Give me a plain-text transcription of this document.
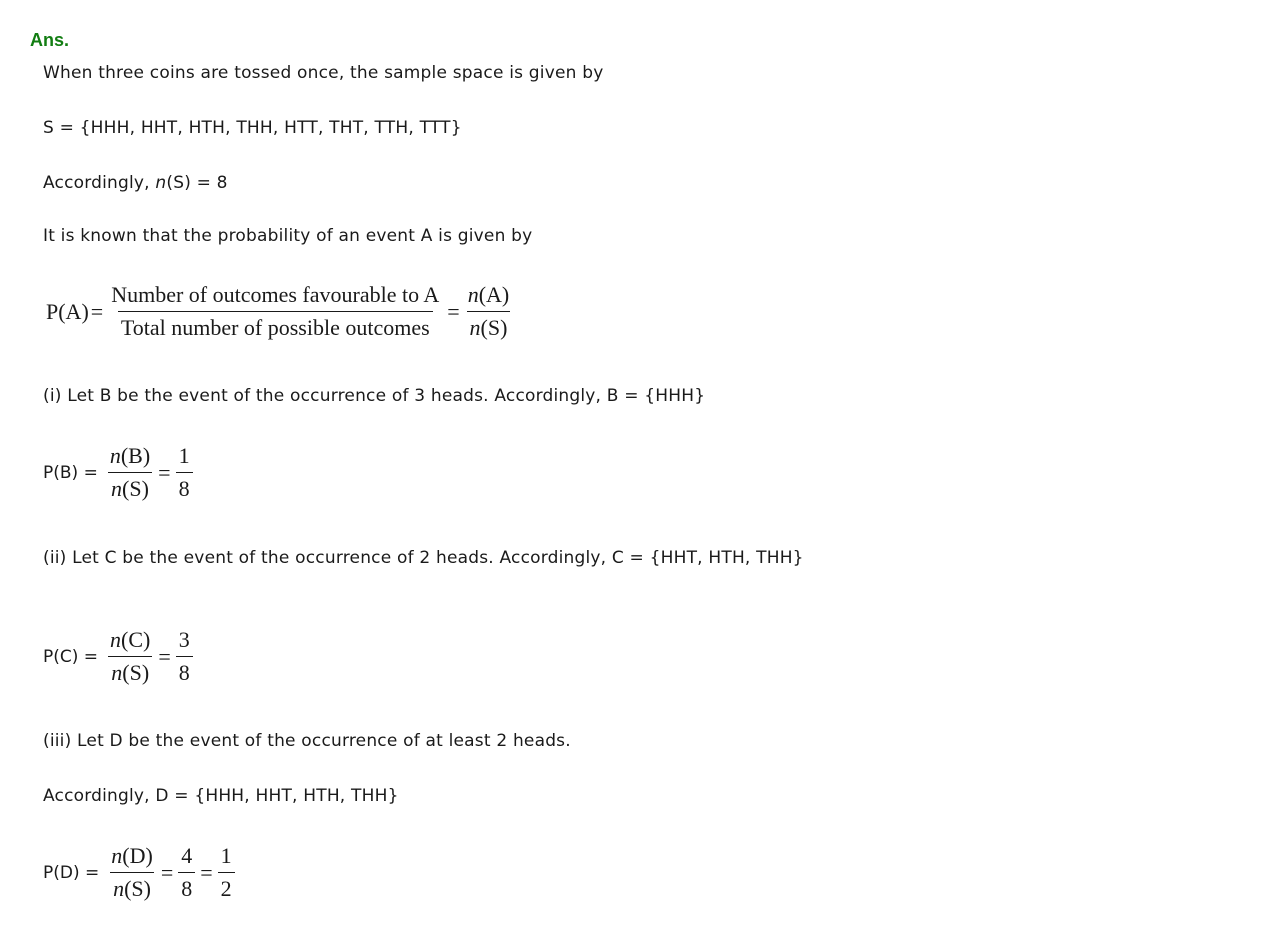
Ans.
When three coins are tossed once, the sample space is given by
S = {HHH, HHT, HTH, THH, HTT, THT, TTH, TTT}
Accordingly, n(S) = 8
It is known that the probability of an event A is given by
$P(A) = \frac{\text{Number of outcomes favourable to A}}{\text{Total number of possible outcomes}} = \frac{n(A)}{n(S)}$
(i) Let B be the event of the occurrence of 3 heads. Accordingly, B = {HHH}
$P(B) = \frac{n(B)}{n(S)} = \frac{1}{8}$
(ii) Let C be the event of the occurrence of 2 heads. Accordingly, C = {HHT, HTH, THH}
$P(C) = \frac{n(C)}{n(S)} = \frac{3}{8}$
(iii) Let D be the event of the occurrence of at least 2 heads.
Accordingly, D = {HHH, HHT, HTH, THH}
$P(D) = \frac{n(D)}{n(S)} = \frac{4}{8} = \frac{1}{2}$
